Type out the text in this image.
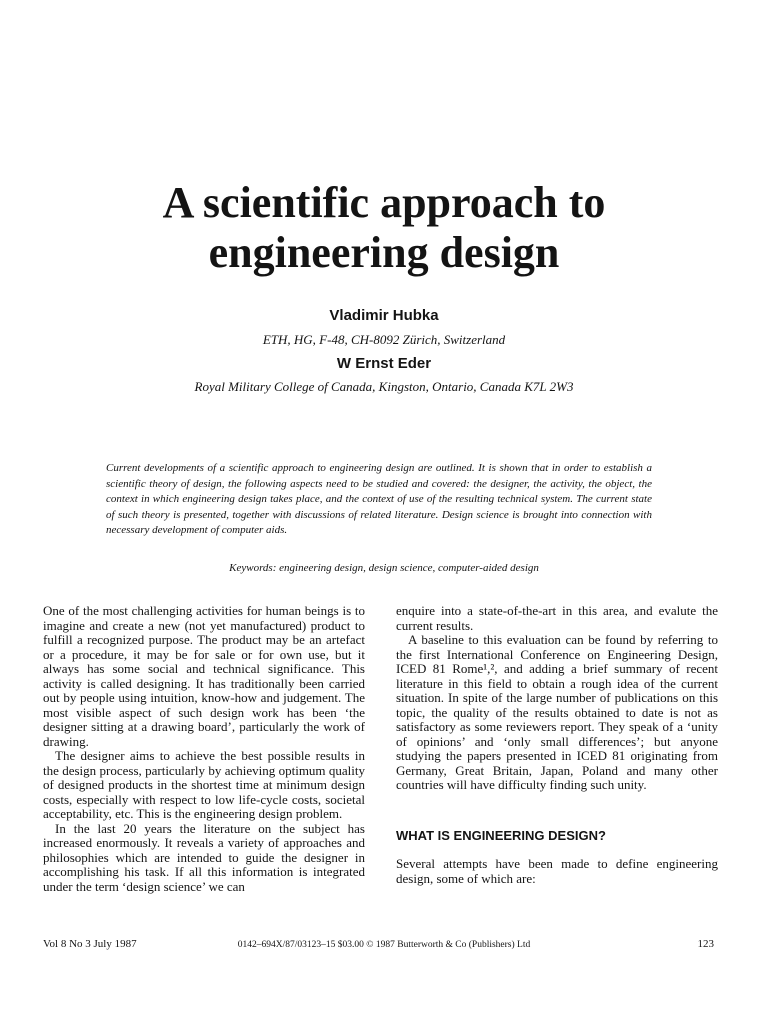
A scientific approach to
engineering design

Vladimir Hubka

ETH, HG, F-48, CH-8092 Zürich, Switzerland

W Ernst Eder

Royal Military College of Canada, Kingston, Ontario, Canada K7L 2W3

Current developments of a scientific approach to engineering design are outlined. It is shown that in order to establish a scientific theory of design, the following aspects need to be studied and covered: the designer, the activity, the object, the context in which engineering design takes place, and the context of use of the resulting technical system. The current state of such theory is presented, together with discussions of related literature. Design science is brought into connection with necessary development of computer aids.

Keywords: engineering design, design science, computer-aided design

One of the most challenging activities for human beings is to imagine and create a new (not yet manufactured) product to fulfill a recognized purpose. The product may be an artefact or a procedure, it may be for sale or for own use, but it always has some social and technical significance. This activity is called designing. It has traditionally been carried out by people using intuition, know-how and judgement. The most visible aspect of such design work has been ‘the designer sitting at a drawing board’, particularly the work of drawing.

The designer aims to achieve the best possible results in the design process, particularly by achieving optimum quality of designed products in the shortest time at minimum design costs, especially with respect to low life-cycle costs, societal acceptability, etc. This is the engineering design problem.

In the last 20 years the literature on the subject has increased enormously. It reveals a variety of approaches and philosophies which are intended to guide the designer in accomplishing his task. If all this information is integrated under the term ‘design science’ we can

enquire into a state-of-the-art in this area, and evalute the current results.

A baseline to this evaluation can be found by referring to the first International Conference on Engineering Design, ICED 81 Rome¹,², and adding a brief summary of recent literature in this field to obtain a rough idea of the current situation. In spite of the large number of publications on this topic, the quality of the results obtained to date is not as satisfactory as some reviewers report. They speak of a ‘unity of opinions’ and ‘only small differences’; but anyone studying the papers presented in ICED 81 originating from Germany, Great Britain, Japan, Poland and many other countries will have difficulty finding such unity.

WHAT IS ENGINEERING DESIGN?

Several attempts have been made to define engineering design, some of which are:

Vol 8 No 3 July 1987	0142–694X/87/03123–15 $03.00 © 1987 Butterworth & Co (Publishers) Ltd	123
